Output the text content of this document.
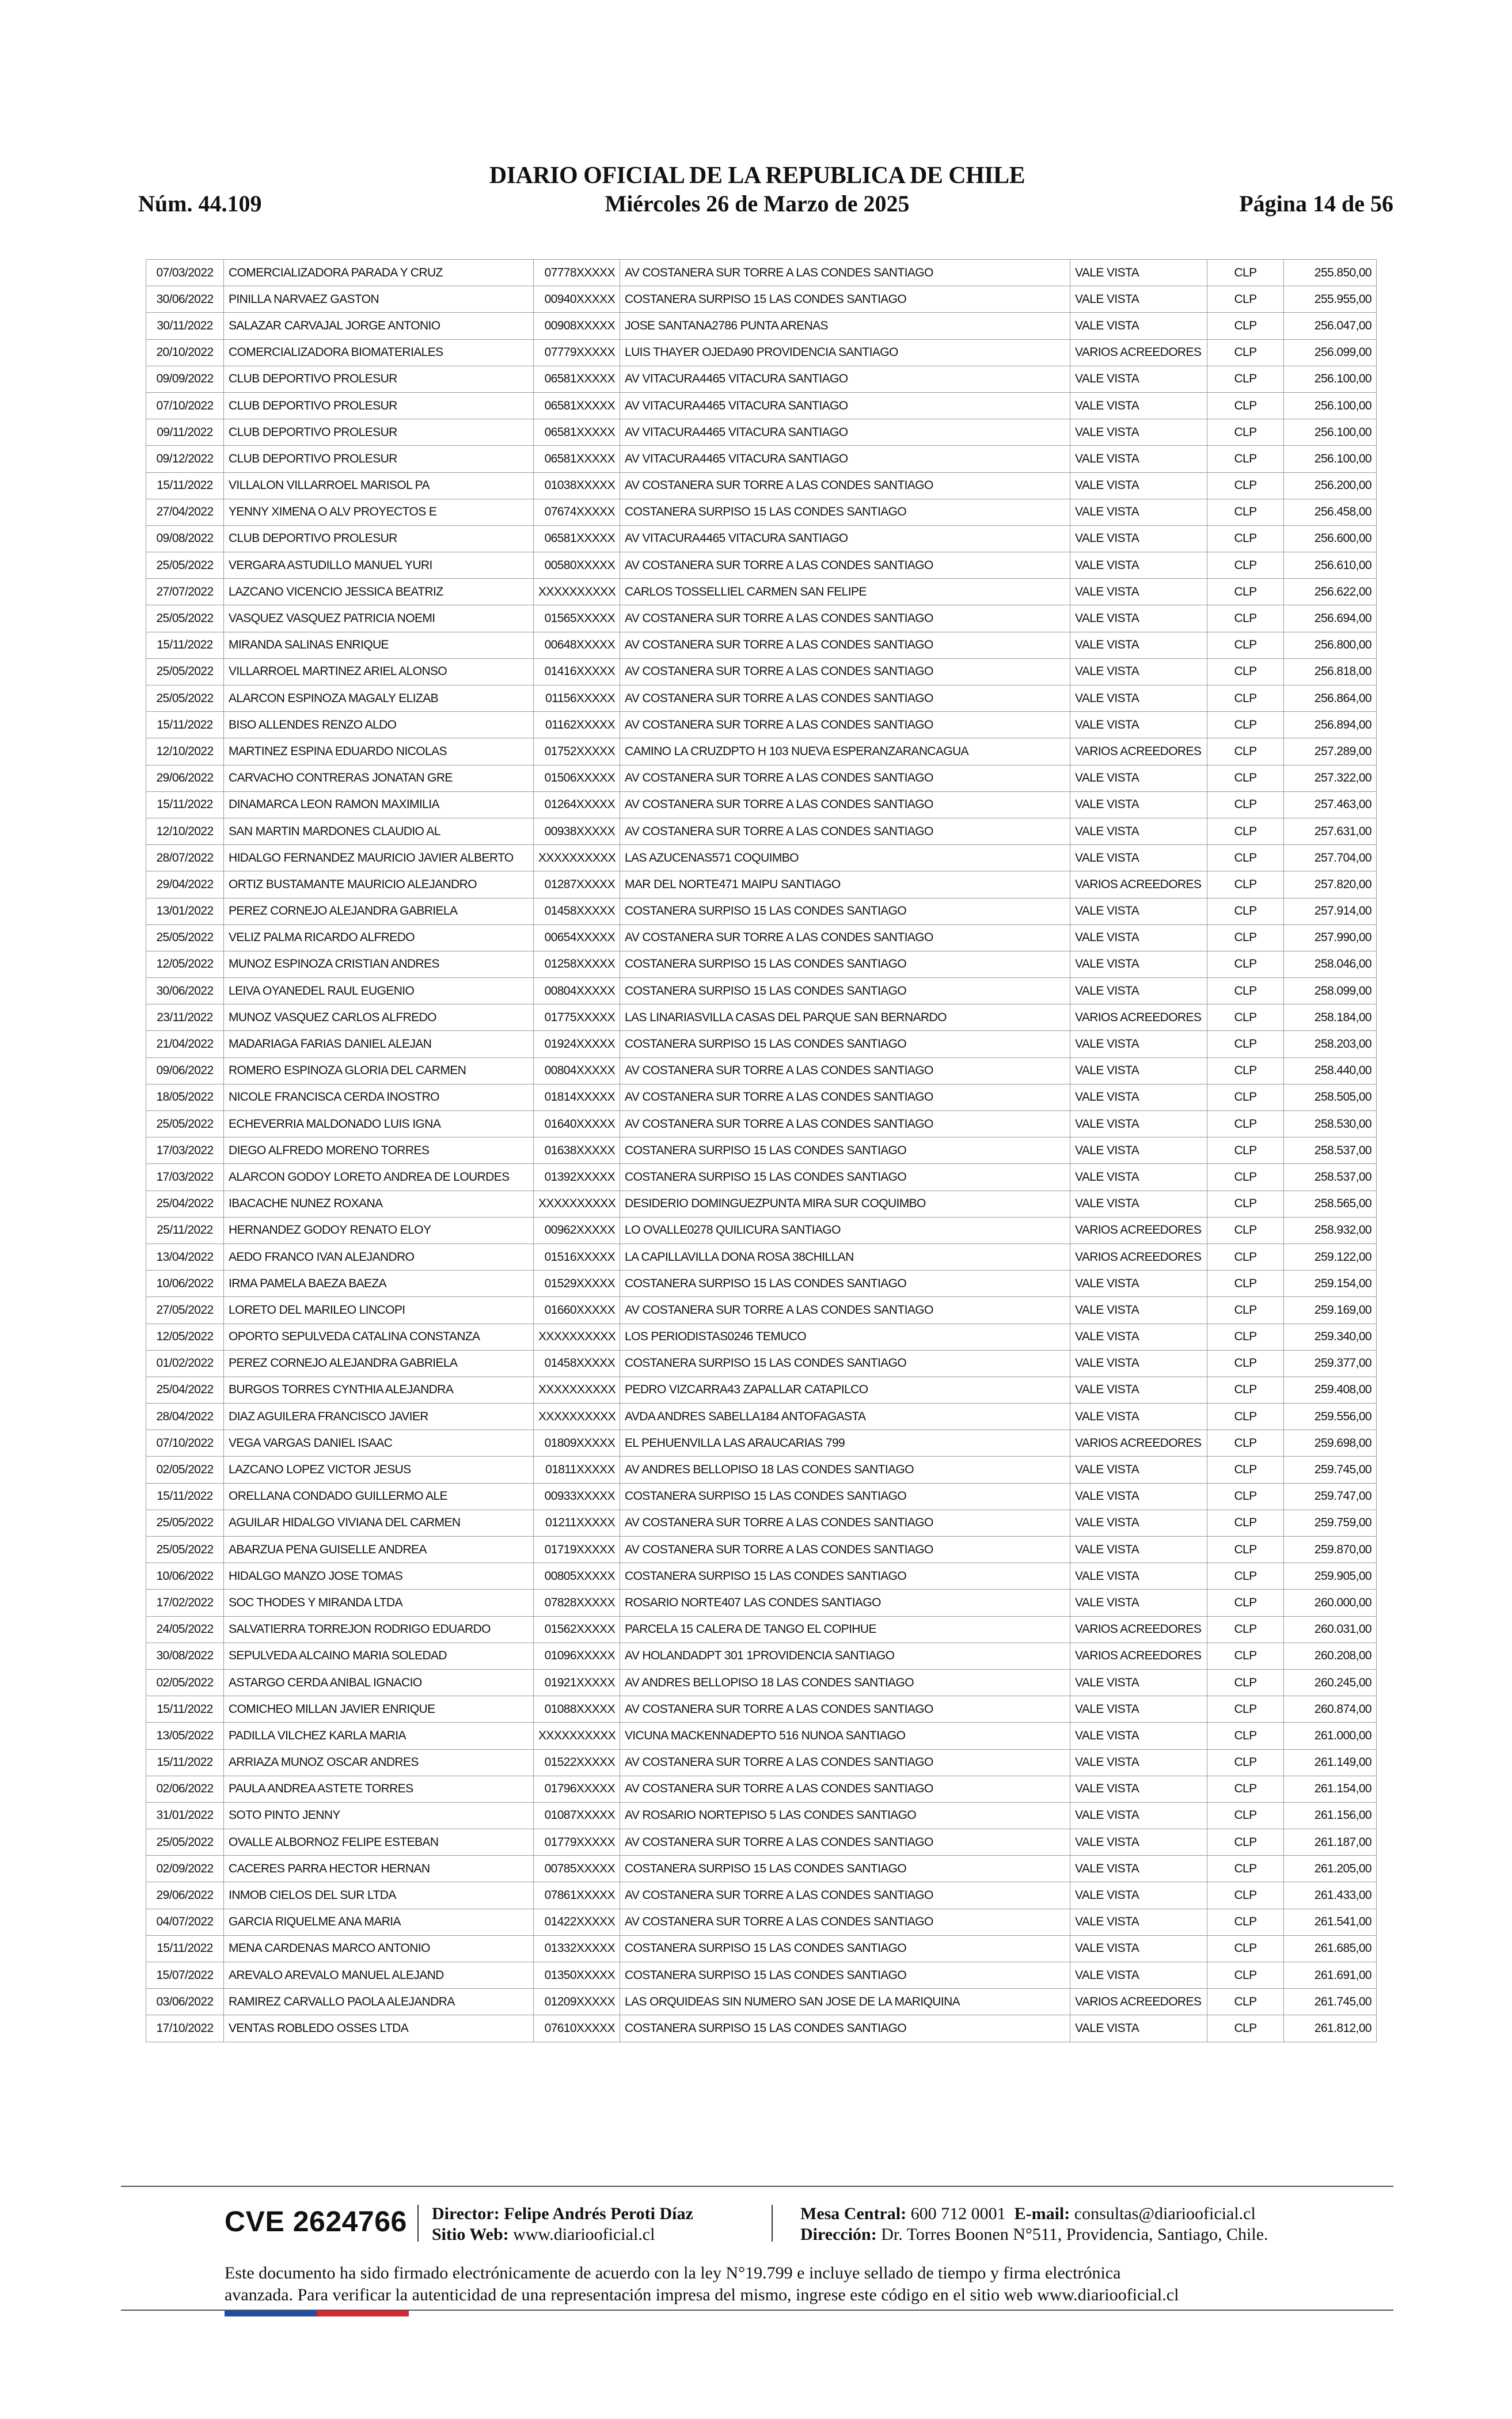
DIARIO OFICIAL DE LA REPUBLICA DE CHILE
Miércoles 26 de Marzo de 2025
Núm. 44.109	Página 14 de 56
07/03/2022	COMERCIALIZADORA PARADA Y CRUZ	07778XXXXX	AV COSTANERA SUR TORRE A LAS CONDES SANTIAGO	VALE VISTA	CLP	255.850,00
30/06/2022	PINILLA NARVAEZ GASTON	00940XXXXX	COSTANERA SURPISO 15 LAS CONDES SANTIAGO	VALE VISTA	CLP	255.955,00
30/11/2022	SALAZAR CARVAJAL JORGE ANTONIO	00908XXXXX	JOSE SANTANA2786 PUNTA ARENAS	VALE VISTA	CLP	256.047,00
20/10/2022	COMERCIALIZADORA BIOMATERIALES	07779XXXXX	LUIS THAYER OJEDA90 PROVIDENCIA SANTIAGO	VARIOS ACREEDORES	CLP	256.099,00
09/09/2022	CLUB DEPORTIVO PROLESUR	06581XXXXX	AV VITACURA4465 VITACURA SANTIAGO	VALE VISTA	CLP	256.100,00
07/10/2022	CLUB DEPORTIVO PROLESUR	06581XXXXX	AV VITACURA4465 VITACURA SANTIAGO	VALE VISTA	CLP	256.100,00
09/11/2022	CLUB DEPORTIVO PROLESUR	06581XXXXX	AV VITACURA4465 VITACURA SANTIAGO	VALE VISTA	CLP	256.100,00
09/12/2022	CLUB DEPORTIVO PROLESUR	06581XXXXX	AV VITACURA4465 VITACURA SANTIAGO	VALE VISTA	CLP	256.100,00
15/11/2022	VILLALON VILLARROEL MARISOL PA	01038XXXXX	AV COSTANERA SUR TORRE A LAS CONDES SANTIAGO	VALE VISTA	CLP	256.200,00
27/04/2022	YENNY XIMENA O ALV PROYECTOS E	07674XXXXX	COSTANERA SURPISO 15 LAS CONDES SANTIAGO	VALE VISTA	CLP	256.458,00
09/08/2022	CLUB DEPORTIVO PROLESUR	06581XXXXX	AV VITACURA4465 VITACURA SANTIAGO	VALE VISTA	CLP	256.600,00
25/05/2022	VERGARA ASTUDILLO MANUEL YURI	00580XXXXX	AV COSTANERA SUR TORRE A LAS CONDES SANTIAGO	VALE VISTA	CLP	256.610,00
27/07/2022	LAZCANO VICENCIO JESSICA BEATRIZ	XXXXXXXXXX	CARLOS TOSSELLIEL CARMEN SAN FELIPE	VALE VISTA	CLP	256.622,00
25/05/2022	VASQUEZ VASQUEZ PATRICIA NOEMI	01565XXXXX	AV COSTANERA SUR TORRE A LAS CONDES SANTIAGO	VALE VISTA	CLP	256.694,00
15/11/2022	MIRANDA SALINAS ENRIQUE	00648XXXXX	AV COSTANERA SUR TORRE A LAS CONDES SANTIAGO	VALE VISTA	CLP	256.800,00
25/05/2022	VILLARROEL MARTINEZ ARIEL ALONSO	01416XXXXX	AV COSTANERA SUR TORRE A LAS CONDES SANTIAGO	VALE VISTA	CLP	256.818,00
25/05/2022	ALARCON ESPINOZA MAGALY ELIZAB	01156XXXXX	AV COSTANERA SUR TORRE A LAS CONDES SANTIAGO	VALE VISTA	CLP	256.864,00
15/11/2022	BISO ALLENDES RENZO ALDO	01162XXXXX	AV COSTANERA SUR TORRE A LAS CONDES SANTIAGO	VALE VISTA	CLP	256.894,00
12/10/2022	MARTINEZ ESPINA EDUARDO NICOLAS	01752XXXXX	CAMINO LA CRUZDPTO H 103 NUEVA ESPERANZARANCAGUA	VARIOS ACREEDORES	CLP	257.289,00
29/06/2022	CARVACHO CONTRERAS JONATAN GRE	01506XXXXX	AV COSTANERA SUR TORRE A LAS CONDES SANTIAGO	VALE VISTA	CLP	257.322,00
15/11/2022	DINAMARCA LEON RAMON MAXIMILIA	01264XXXXX	AV COSTANERA SUR TORRE A LAS CONDES SANTIAGO	VALE VISTA	CLP	257.463,00
12/10/2022	SAN MARTIN MARDONES CLAUDIO AL	00938XXXXX	AV COSTANERA SUR TORRE A LAS CONDES SANTIAGO	VALE VISTA	CLP	257.631,00
28/07/2022	HIDALGO FERNANDEZ MAURICIO JAVIER ALBERTO	XXXXXXXXXX	LAS AZUCENAS571 COQUIMBO	VALE VISTA	CLP	257.704,00
29/04/2022	ORTIZ BUSTAMANTE MAURICIO ALEJANDRO	01287XXXXX	MAR DEL NORTE471 MAIPU SANTIAGO	VARIOS ACREEDORES	CLP	257.820,00
13/01/2022	PEREZ CORNEJO ALEJANDRA GABRIELA	01458XXXXX	COSTANERA SURPISO 15 LAS CONDES SANTIAGO	VALE VISTA	CLP	257.914,00
25/05/2022	VELIZ PALMA RICARDO ALFREDO	00654XXXXX	AV COSTANERA SUR TORRE A LAS CONDES SANTIAGO	VALE VISTA	CLP	257.990,00
12/05/2022	MUNOZ ESPINOZA CRISTIAN ANDRES	01258XXXXX	COSTANERA SURPISO 15 LAS CONDES SANTIAGO	VALE VISTA	CLP	258.046,00
30/06/2022	LEIVA OYANEDEL RAUL EUGENIO	00804XXXXX	COSTANERA SURPISO 15 LAS CONDES SANTIAGO	VALE VISTA	CLP	258.099,00
23/11/2022	MUNOZ VASQUEZ CARLOS ALFREDO	01775XXXXX	LAS LINARIASVILLA CASAS DEL PARQUE SAN BERNARDO	VARIOS ACREEDORES	CLP	258.184,00
21/04/2022	MADARIAGA FARIAS DANIEL ALEJAN	01924XXXXX	COSTANERA SURPISO 15 LAS CONDES SANTIAGO	VALE VISTA	CLP	258.203,00
09/06/2022	ROMERO ESPINOZA GLORIA DEL CARMEN	00804XXXXX	AV COSTANERA SUR TORRE A LAS CONDES SANTIAGO	VALE VISTA	CLP	258.440,00
18/05/2022	NICOLE FRANCISCA CERDA INOSTRO	01814XXXXX	AV COSTANERA SUR TORRE A LAS CONDES SANTIAGO	VALE VISTA	CLP	258.505,00
25/05/2022	ECHEVERRIA MALDONADO LUIS IGNA	01640XXXXX	AV COSTANERA SUR TORRE A LAS CONDES SANTIAGO	VALE VISTA	CLP	258.530,00
17/03/2022	DIEGO ALFREDO MORENO TORRES	01638XXXXX	COSTANERA SURPISO 15 LAS CONDES SANTIAGO	VALE VISTA	CLP	258.537,00
17/03/2022	ALARCON GODOY LORETO ANDREA DE LOURDES	01392XXXXX	COSTANERA SURPISO 15 LAS CONDES SANTIAGO	VALE VISTA	CLP	258.537,00
25/04/2022	IBACACHE NUNEZ ROXANA	XXXXXXXXXX	DESIDERIO DOMINGUEZPUNTA MIRA SUR COQUIMBO	VALE VISTA	CLP	258.565,00
25/11/2022	HERNANDEZ GODOY RENATO ELOY	00962XXXXX	LO OVALLE0278 QUILICURA SANTIAGO	VARIOS ACREEDORES	CLP	258.932,00
13/04/2022	AEDO FRANCO IVAN ALEJANDRO	01516XXXXX	LA CAPILLAVILLA DONA ROSA 38CHILLAN	VARIOS ACREEDORES	CLP	259.122,00
10/06/2022	IRMA PAMELA BAEZA BAEZA	01529XXXXX	COSTANERA SURPISO 15 LAS CONDES SANTIAGO	VALE VISTA	CLP	259.154,00
27/05/2022	LORETO DEL MARILEO LINCOPI	01660XXXXX	AV COSTANERA SUR TORRE A LAS CONDES SANTIAGO	VALE VISTA	CLP	259.169,00
12/05/2022	OPORTO SEPULVEDA CATALINA CONSTANZA	XXXXXXXXXX	LOS PERIODISTAS0246 TEMUCO	VALE VISTA	CLP	259.340,00
01/02/2022	PEREZ CORNEJO ALEJANDRA GABRIELA	01458XXXXX	COSTANERA SURPISO 15 LAS CONDES SANTIAGO	VALE VISTA	CLP	259.377,00
25/04/2022	BURGOS TORRES CYNTHIA ALEJANDRA	XXXXXXXXXX	PEDRO VIZCARRA43 ZAPALLAR CATAPILCO	VALE VISTA	CLP	259.408,00
28/04/2022	DIAZ AGUILERA FRANCISCO JAVIER	XXXXXXXXXX	AVDA ANDRES SABELLA184 ANTOFAGASTA	VALE VISTA	CLP	259.556,00
07/10/2022	VEGA VARGAS DANIEL ISAAC	01809XXXXX	EL PEHUENVILLA LAS ARAUCARIAS 799	VARIOS ACREEDORES	CLP	259.698,00
02/05/2022	LAZCANO LOPEZ VICTOR JESUS	01811XXXXX	AV ANDRES BELLOPISO 18 LAS CONDES SANTIAGO	VALE VISTA	CLP	259.745,00
15/11/2022	ORELLANA CONDADO GUILLERMO ALE	00933XXXXX	COSTANERA SURPISO 15 LAS CONDES SANTIAGO	VALE VISTA	CLP	259.747,00
25/05/2022	AGUILAR HIDALGO VIVIANA DEL CARMEN	01211XXXXX	AV COSTANERA SUR TORRE A LAS CONDES SANTIAGO	VALE VISTA	CLP	259.759,00
25/05/2022	ABARZUA PENA GUISELLE ANDREA	01719XXXXX	AV COSTANERA SUR TORRE A LAS CONDES SANTIAGO	VALE VISTA	CLP	259.870,00
10/06/2022	HIDALGO MANZO JOSE TOMAS	00805XXXXX	COSTANERA SURPISO 15 LAS CONDES SANTIAGO	VALE VISTA	CLP	259.905,00
17/02/2022	SOC THODES Y MIRANDA LTDA	07828XXXXX	ROSARIO NORTE407 LAS CONDES SANTIAGO	VALE VISTA	CLP	260.000,00
24/05/2022	SALVATIERRA TORREJON RODRIGO EDUARDO	01562XXXXX	PARCELA 15 CALERA DE TANGO EL COPIHUE	VARIOS ACREEDORES	CLP	260.031,00
30/08/2022	SEPULVEDA ALCAINO MARIA SOLEDAD	01096XXXXX	AV HOLANDADPT 301 1PROVIDENCIA SANTIAGO	VARIOS ACREEDORES	CLP	260.208,00
02/05/2022	ASTARGO CERDA ANIBAL IGNACIO	01921XXXXX	AV ANDRES BELLOPISO 18 LAS CONDES SANTIAGO	VALE VISTA	CLP	260.245,00
15/11/2022	COMICHEO MILLAN JAVIER ENRIQUE	01088XXXXX	AV COSTANERA SUR TORRE A LAS CONDES SANTIAGO	VALE VISTA	CLP	260.874,00
13/05/2022	PADILLA VILCHEZ KARLA MARIA	XXXXXXXXXX	VICUNA MACKENNADEPTO 516 NUNOA SANTIAGO	VALE VISTA	CLP	261.000,00
15/11/2022	ARRIAZA MUNOZ OSCAR ANDRES	01522XXXXX	AV COSTANERA SUR TORRE A LAS CONDES SANTIAGO	VALE VISTA	CLP	261.149,00
02/06/2022	PAULA ANDREA ASTETE TORRES	01796XXXXX	AV COSTANERA SUR TORRE A LAS CONDES SANTIAGO	VALE VISTA	CLP	261.154,00
31/01/2022	SOTO PINTO JENNY	01087XXXXX	AV ROSARIO NORTEPISO 5 LAS CONDES SANTIAGO	VALE VISTA	CLP	261.156,00
25/05/2022	OVALLE ALBORNOZ FELIPE ESTEBAN	01779XXXXX	AV COSTANERA SUR TORRE A LAS CONDES SANTIAGO	VALE VISTA	CLP	261.187,00
02/09/2022	CACERES PARRA HECTOR HERNAN	00785XXXXX	COSTANERA SURPISO 15 LAS CONDES SANTIAGO	VALE VISTA	CLP	261.205,00
29/06/2022	INMOB CIELOS DEL SUR LTDA	07861XXXXX	AV COSTANERA SUR TORRE A LAS CONDES SANTIAGO	VALE VISTA	CLP	261.433,00
04/07/2022	GARCIA RIQUELME ANA MARIA	01422XXXXX	AV COSTANERA SUR TORRE A LAS CONDES SANTIAGO	VALE VISTA	CLP	261.541,00
15/11/2022	MENA CARDENAS MARCO ANTONIO	01332XXXXX	COSTANERA SURPISO 15 LAS CONDES SANTIAGO	VALE VISTA	CLP	261.685,00
15/07/2022	AREVALO AREVALO MANUEL ALEJAND	01350XXXXX	COSTANERA SURPISO 15 LAS CONDES SANTIAGO	VALE VISTA	CLP	261.691,00
03/06/2022	RAMIREZ CARVALLO PAOLA ALEJANDRA	01209XXXXX	LAS ORQUIDEAS SIN NUMERO SAN JOSE DE LA MARIQUINA	VARIOS ACREEDORES	CLP	261.745,00
17/10/2022	VENTAS ROBLEDO OSSES LTDA	07610XXXXX	COSTANERA SURPISO 15 LAS CONDES SANTIAGO	VALE VISTA	CLP	261.812,00
CVE 2624766 Director: Felipe Andrés Peroti Díaz
Sitio Web: www.diariooficial.cl
Mesa Central: 600 712 0001 E-mail: consultas@diariooficial.cl
Dirección: Dr. Torres Boonen N°511, Providencia, Santiago, Chile.
Este documento ha sido firmado electrónicamente de acuerdo con la ley N°19.799 e incluye sellado de tiempo y firma electrónica
avanzada. Para verificar la autenticidad de una representación impresa del mismo, ingrese este código en el sitio web www.diariooficial.cl
